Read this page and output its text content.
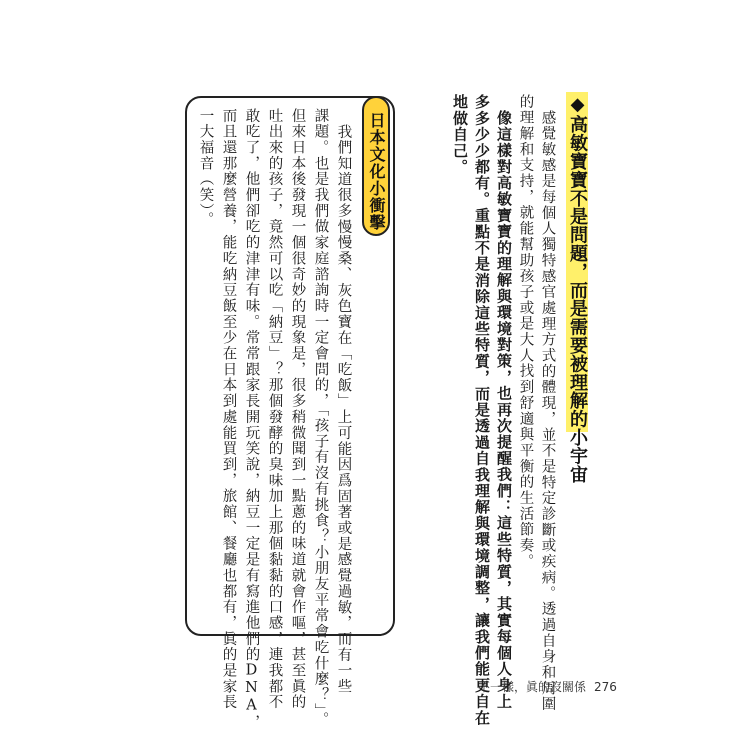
◆高敏寶寶不是問題，而是需要被理解的小宇宙
感覺敏感是每個人獨特感官處理方式的體現，並不是特定診斷或疾病。透過自身和周圍
的理解和支持，就能幫助孩子或是大人找到舒適與平衡的生活節奏。
像這樣對高敏寶寶的理解與環境對策，也再次提醒我們：這些特質，其實每個人身上
多多少少都有。重點不是消除這些特質，而是透過自我理解與環境調整，讓我們能更自在
地做自己。
日本文化小衝擊
我們知道很多慢慢桑、灰色寶在「吃飯」上可能因爲固著或是感覺過敏，而有一些
課題。也是我們做家庭諮詢時一定會問的，「孩子有沒有挑食？小朋友平常會吃什麼？」。
但來日本後發現一個很奇妙的現象是，很多稍微聞到一點蔥的味道就會作嘔，甚至眞的
吐出來的孩子，竟然可以吃「納豆」？那個發酵的臭味加上那個黏黏的口感，連我都不
敢吃了，他們卻吃的津津有味。常常跟家長開玩笑說，納豆一定是有寫進他們的DNA，
而且還那麼營養，能吃納豆飯至少在日本到處能買到，旅館、餐廳也都有，眞的是家長
一大福音（笑）。
不一樣，眞的沒關係 276
